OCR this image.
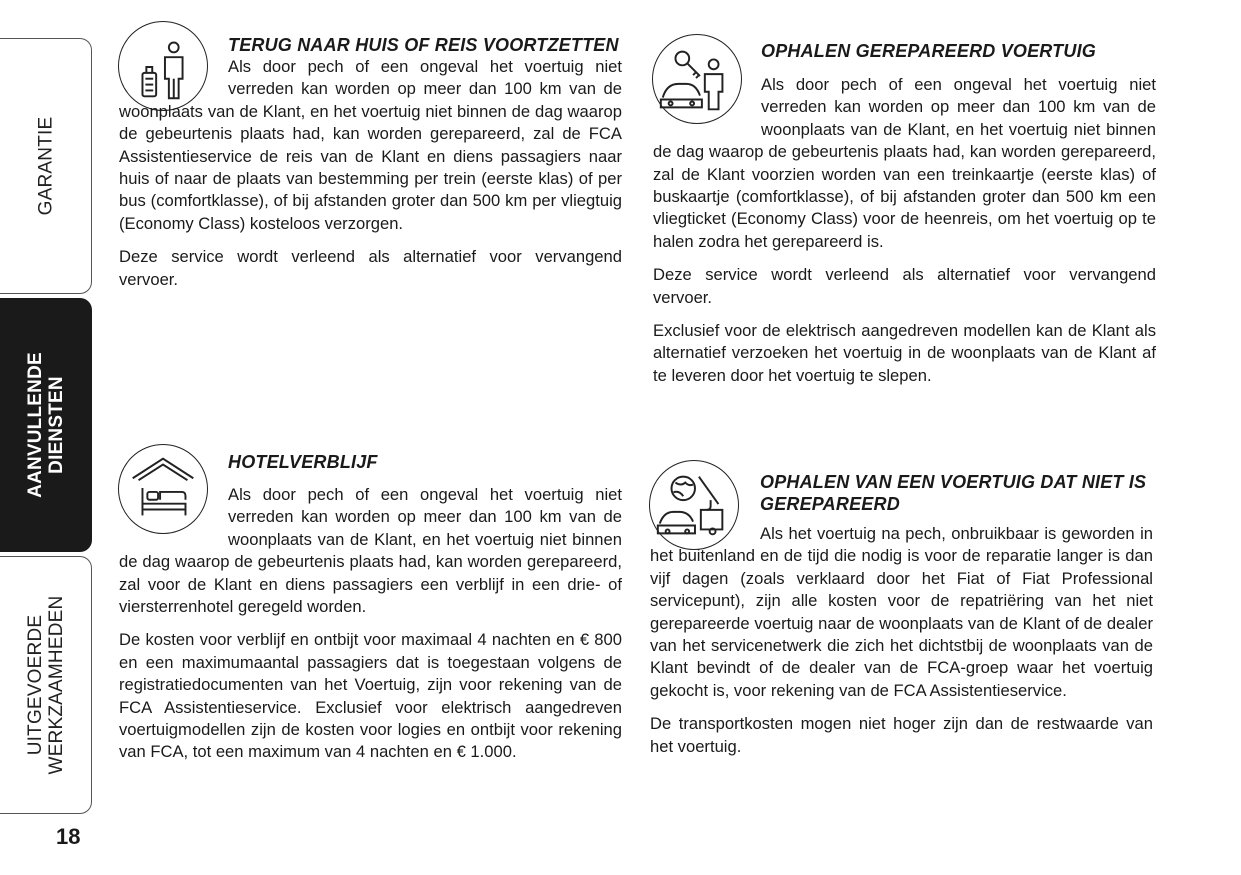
GARANTIE
AANVULLENDE
DIENSTEN
UITGEVOERDE
WERKZAAMHEDEN
18
TERUG NAAR HUIS OF REIS VOORTZETTEN

Als door pech of een ongeval het voertuig niet verreden kan worden op meer dan 100 km van de woonplaats van de Klant, en het voertuig niet binnen de dag waarop de gebeurtenis plaats had, kan worden gerepareerd, zal de FCA Assistentieservice de reis van de Klant en diens passagiers naar huis of naar de plaats van bestemming per trein (eerste klas) of per bus (comfortklasse), of bij afstanden groter dan 500 km per vliegtuig (Economy Class) kosteloos verzorgen.

Deze service wordt verleend als alternatief voor vervangend vervoer.

HOTELVERBLIJF

Als door pech of een ongeval het voertuig niet verreden kan worden op meer dan 100 km van de woonplaats van de Klant, en het voertuig niet binnen de dag waarop de gebeurtenis plaats had, kan worden gerepareerd, zal voor de Klant en diens passagiers een verblijf in een drie- of viersterrenhotel geregeld worden.

De kosten voor verblijf en ontbijt voor maximaal 4 nachten en € 800 en een maximumaantal passagiers dat is toegestaan volgens de registratiedocumenten van het Voertuig, zijn voor rekening van de FCA Assistentieservice. Exclusief voor elektrisch aangedreven voertuigmodellen zijn de kosten voor logies en ontbijt voor rekening van FCA, tot een maximum van 4 nachten en € 1.000.

OPHALEN GEREPAREERD VOERTUIG

Als door pech of een ongeval het voertuig niet verreden kan worden op meer dan 100 km van de woonplaats van de Klant, en het voertuig niet binnen de dag waarop de gebeurtenis plaats had, kan worden gerepareerd, zal de Klant voorzien worden van een treinkaartje (eerste klas) of buskaartje (comfortklasse), of bij afstanden groter dan 500 km een vliegticket (Economy Class) voor de heenreis, om het voertuig op te halen zodra het gerepareerd is.

Deze service wordt verleend als alternatief voor vervangend vervoer.

Exclusief voor de elektrisch aangedreven modellen kan de Klant als alternatief verzoeken het voertuig in de woonplaats van de Klant af te leveren door het voertuig te slepen.

OPHALEN VAN EEN VOERTUIG DAT NIET IS GEREPAREERD

Als het voertuig na pech, onbruikbaar is geworden in het buitenland en de tijd die nodig is voor de reparatie langer is dan vijf dagen (zoals verklaard door het Fiat of Fiat Professional servicepunt), zijn alle kosten voor de repatriëring van het niet gerepareerde voertuig naar de woonplaats van de Klant of de dealer van het servicenetwerk die zich het dichtstbij de woonplaats van de Klant bevindt of de dealer van de FCA-groep waar het voertuig gekocht is, voor rekening van de FCA Assistentieservice.

De transportkosten mogen niet hoger zijn dan de restwaarde van het voertuig.
